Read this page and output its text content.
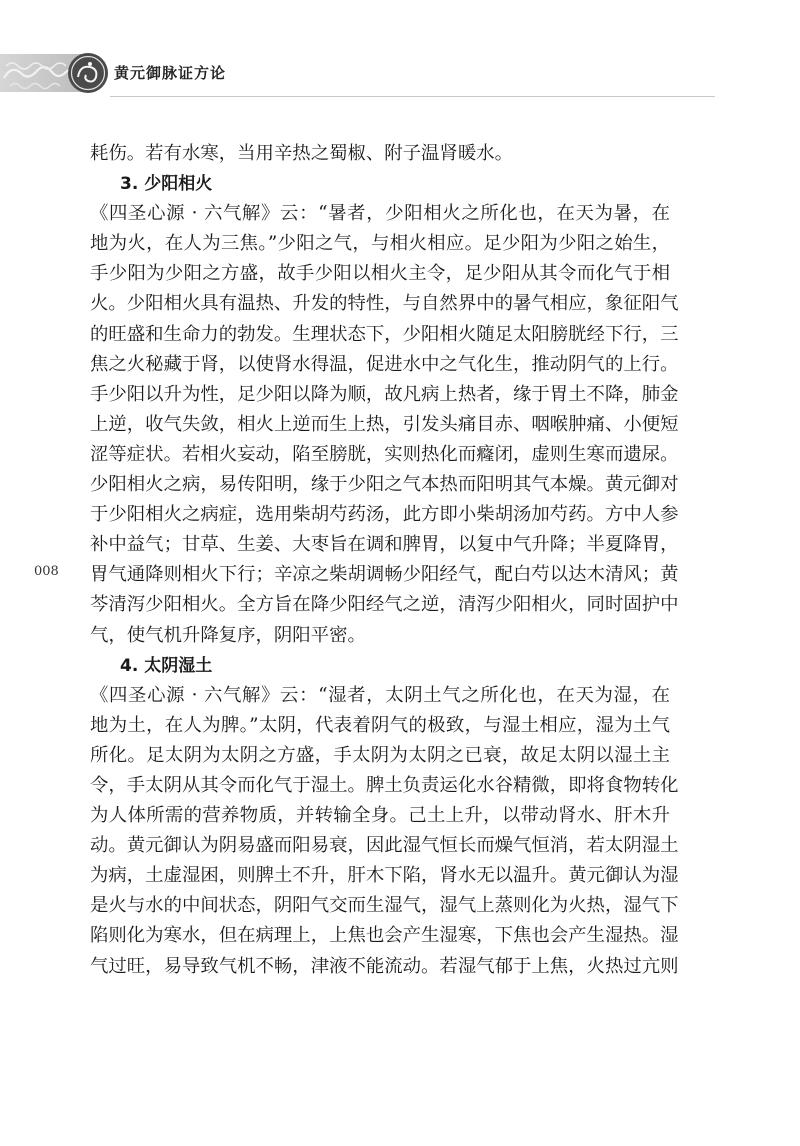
黄元御脉证方论
008
耗伤。若有水寒，当用辛热之蜀椒、附子温肾暖水。
3. 少阳相火
《四圣心源 · 六气解》云：“暑者，少阳相火之所化也，在天为暑，在
地为火，在人为三焦。”少阳之气，与相火相应。足少阳为少阳之始生，
手少阳为少阳之方盛，故手少阳以相火主令，足少阳从其令而化气于相
火。少阳相火具有温热、升发的特性，与自然界中的暑气相应，象征阳气
的旺盛和生命力的勃发。生理状态下，少阳相火随足太阳膀胱经下行，三
焦之火秘藏于肾，以使肾水得温，促进水中之气化生，推动阴气的上行。
手少阳以升为性，足少阳以降为顺，故凡病上热者，缘于胃土不降，肺金
上逆，收气失敛，相火上逆而生上热，引发头痛目赤、咽喉肿痛、小便短
涩等症状。若相火妄动，陷至膀胱，实则热化而癃闭，虚则生寒而遗尿。
少阳相火之病，易传阳明，缘于少阳之气本热而阳明其气本燥。黄元御对
于少阳相火之病症，选用柴胡芍药汤，此方即小柴胡汤加芍药。方中人参
补中益气；甘草、生姜、大枣旨在调和脾胃，以复中气升降；半夏降胃，
胃气通降则相火下行；辛凉之柴胡调畅少阳经气，配白芍以达木清风；黄
芩清泻少阳相火。全方旨在降少阳经气之逆，清泻少阳相火，同时固护中
气，使气机升降复序，阴阳平密。
4. 太阴湿土
《四圣心源 · 六气解》云：“湿者，太阴土气之所化也，在天为湿，在
地为土，在人为脾。”太阴，代表着阴气的极致，与湿土相应，湿为土气
所化。足太阴为太阴之方盛，手太阴为太阴之已衰，故足太阴以湿土主
令，手太阴从其令而化气于湿土。脾土负责运化水谷精微，即将食物转化
为人体所需的营养物质，并转输全身。己土上升，以带动肾水、肝木升
动。黄元御认为阴易盛而阳易衰，因此湿气恒长而燥气恒消，若太阴湿土
为病，土虚湿困，则脾土不升，肝木下陷，肾水无以温升。黄元御认为湿
是火与水的中间状态，阴阳气交而生湿气，湿气上蒸则化为火热，湿气下
陷则化为寒水，但在病理上，上焦也会产生湿寒，下焦也会产生湿热。湿
气过旺，易导致气机不畅，津液不能流动。若湿气郁于上焦，火热过亢则
